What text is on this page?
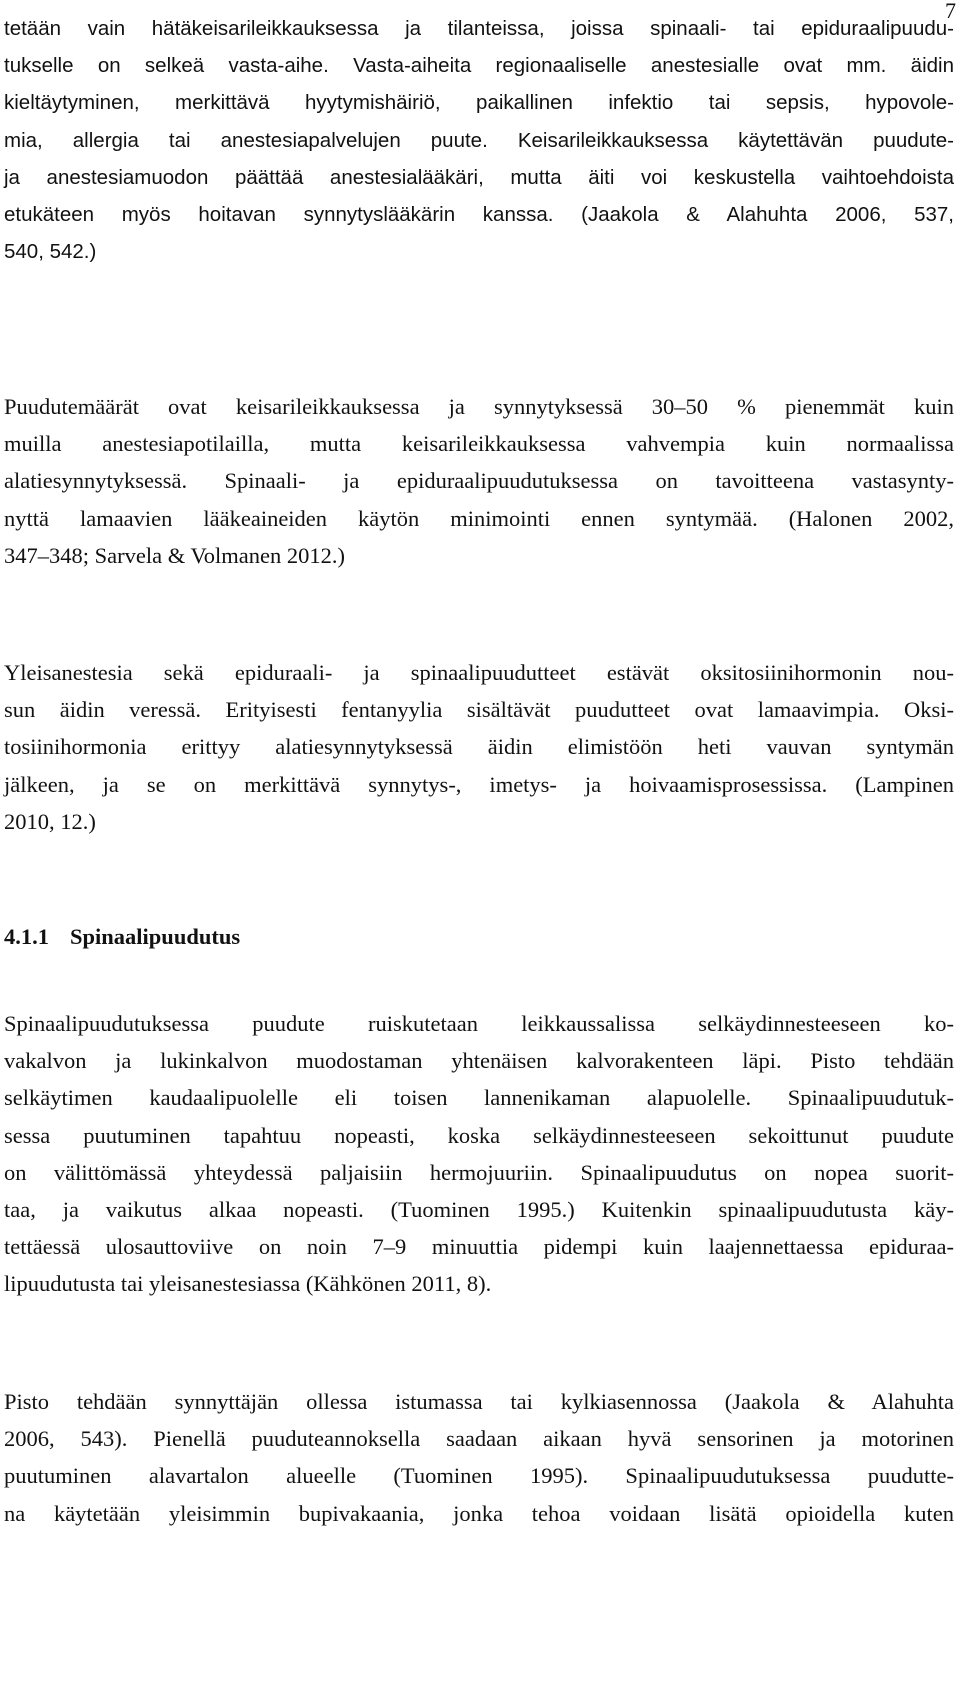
7
tetään vain hätäkeisarileikkauksessa ja tilanteissa, joissa spinaali- tai epiduraalipuudu-
tukselle on selkeä vasta-aihe. Vasta-aiheita regionaaliselle anestesialle ovat mm. äidin
kieltäytyminen, merkittävä hyytymishäiriö, paikallinen infektio tai sepsis, hypovole-
mia, allergia tai anestesiapalvelujen puute. Keisarileikkauksessa käytettävän puudute-
ja anestesiamuodon päättää anestesialääkäri, mutta äiti voi keskustella vaihtoehdoista
etukäteen myös hoitavan synnytyslääkärin kanssa. (Jaakola & Alahuhta 2006, 537,
540, 542.)
Puudutemäärät ovat keisarileikkauksessa ja synnytyksessä 30–50 % pienemmät kuin
muilla anestesiapotilailla, mutta keisarileikkauksessa vahvempia kuin normaalissa
alatiesynnytyksessä. Spinaali- ja epiduraalipuudutuksessa on tavoitteena vastasynty-
nyttä lamaavien lääkeaineiden käytön minimointi ennen syntymää. (Halonen 2002,
347–348; Sarvela & Volmanen 2012.)
Yleisanestesia sekä epiduraali- ja spinaalipuudutteet estävät oksitosiinihormonin nou-
sun äidin veressä. Erityisesti fentanyylia sisältävät puudutteet ovat lamaavimpia. Oksi-
tosiinihormonia erittyy alatiesynnytyksessä äidin elimistöön heti vauvan syntymän
jälkeen, ja se on merkittävä synnytys-, imetys- ja hoivaamisprosessissa. (Lampinen
2010, 12.)
4.1.1 Spinaalipuudutus
Spinaalipuudutuksessa puudute ruiskutetaan leikkaussalissa selkäydinnesteeseen ko-
vakalvon ja lukinkalvon muodostaman yhtenäisen kalvorakenteen läpi. Pisto tehdään
selkäytimen kaudaalipuolelle eli toisen lannenikaman alapuolelle. Spinaalipuudutuk-
sessa puutuminen tapahtuu nopeasti, koska selkäydinnesteeseen sekoittunut puudute
on välittömässä yhteydessä paljaisiin hermojuuriin. Spinaalipuudutus on nopea suorit-
taa, ja vaikutus alkaa nopeasti. (Tuominen 1995.) Kuitenkin spinaalipuudutusta käy-
tettäessä ulosauttoviive on noin 7–9 minuuttia pidempi kuin laajennettaessa epiduraa-
lipuudutusta tai yleisanestesiassa (Kähkönen 2011, 8).
Pisto tehdään synnyttäjän ollessa istumassa tai kylkiasennossa (Jaakola & Alahuhta
2006, 543). Pienellä puuduteannoksella saadaan aikaan hyvä sensorinen ja motorinen
puutuminen alavartalon alueelle (Tuominen 1995). Spinaalipuudutuksessa puudutte-
na käytetään yleisimmin bupivakaania, jonka tehoa voidaan lisätä opioidella kuten
